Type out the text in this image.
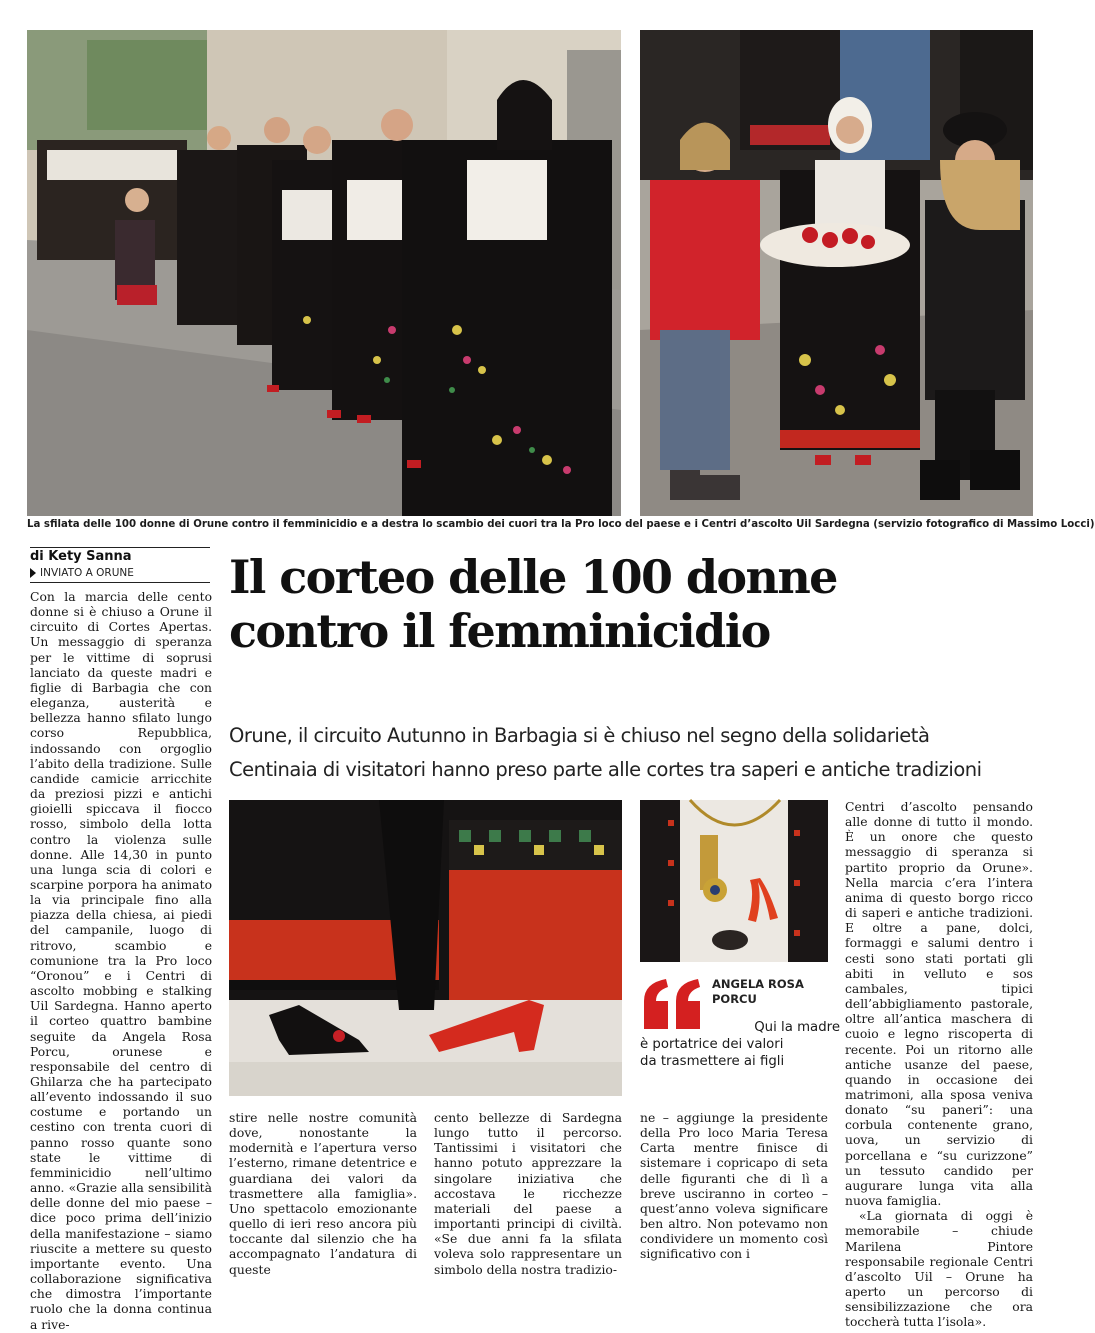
La sfilata delle 100 donne di Orune contro il femminicidio e a destra lo scambio dei cuori tra la Pro loco del paese e i Centri d’ascolto Uil Sardegna (servizio fotografico di Massimo Locci)
di Kety Sanna
INVIATO A ORUNE Il corteo delle 100 donne
contro il femminicidio
Orune, il circuito Autunno in Barbagia si è chiuso nel segno della solidarietà
Centinaia di visitatori hanno preso parte alle cortes tra saperi e antiche tradizioni
Con la marcia delle cento donne si è chiuso a Orune il circuito di Cortes Apertas. Un messaggio di speranza per le vittime di soprusi lanciato da queste madri e figlie di Barbagia che con eleganza, austerità e bellezza hanno sfilato lungo corso Repubblica, indossando con orgoglio l’abito della tradizione. Sulle candide camicie arricchite da preziosi pizzi e antichi gioielli spiccava il fiocco rosso, simbolo della lotta contro la violenza sulle donne. Alle 14,30 in punto una lunga scia di colori e scarpine porpora ha animato la via principale fino alla piazza della chiesa, ai piedi del campanile, luogo di ritrovo, scambio e comunione tra la Pro loco “Oronou” e i Centri di ascolto mobbing e stalking Uil Sardegna. Hanno aperto il corteo quattro bambine seguite da Angela Rosa Porcu, orunese e responsabile del centro di Ghilarza che ha partecipato all’evento indossando il suo costume e portando un cestino con trenta cuori di panno rosso quante sono state le vittime di femminicidio nell’ultimo anno. «Grazie alla sensibilità delle donne del mio paese – dice poco prima dell’inizio della manifestazione – siamo riuscite a mettere su questo importante evento. Una collaborazione significativa che dimostra l’importante ruolo che la donna continua a rive-
stire nelle nostre comunità dove, nonostante la modernità e l’apertura verso l’esterno, rimane detentrice e guardiana dei valori da trasmettere alla famiglia». Uno spettacolo emozionante quello di ieri reso ancora più toccante dal silenzio che ha accompagnato l’andatura di queste
cento bellezze di Sardegna lungo tutto il percorso. Tantissimi i visitatori che hanno potuto apprezzare la singolare iniziativa che accostava le ricchezze materiali del paese a importanti principi di civiltà. «Se due anni fa la sfilata voleva solo rappresentare un simbolo della nostra tradizio-
ANGELA ROSA
PORCU
Qui la madre
è portatrice dei valori
da trasmettere ai figli
ne – aggiunge la presidente della Pro loco Maria Teresa Carta mentre finisce di sistemare i copricapo di seta delle figuranti che di lì a breve usciranno in corteo – quest’anno voleva significare ben altro. Non potevamo non condividere un momento così significativo con i
Centri d’ascolto pensando alle donne di tutto il mondo. È un onore che questo messaggio di speranza si partito proprio da Orune». Nella marcia c’era l’intera anima di questo borgo ricco di saperi e antiche tradizioni. E oltre a pane, dolci, formaggi e salumi dentro i cesti sono stati portati gli abiti in velluto e sos cambales, tipici dell’abbigliamento pastorale, oltre all’antica maschera di cuoio e legno riscoperta di recente. Poi un ritorno alle antiche usanze del paese, quando in occasione dei matrimoni, alla sposa veniva donato “su paneri”: una corbula contenente grano, uova, un servizio di porcellana e “su curizzone” un tessuto candido per augurare lunga vita alla nuova famiglia.
«La giornata di oggi è memorabile – chiude Marilena Pintore responsabile regionale Centri d’ascolto Uil – Orune ha aperto un percorso di sensibilizzazione che ora toccherà tutta l’isola».
